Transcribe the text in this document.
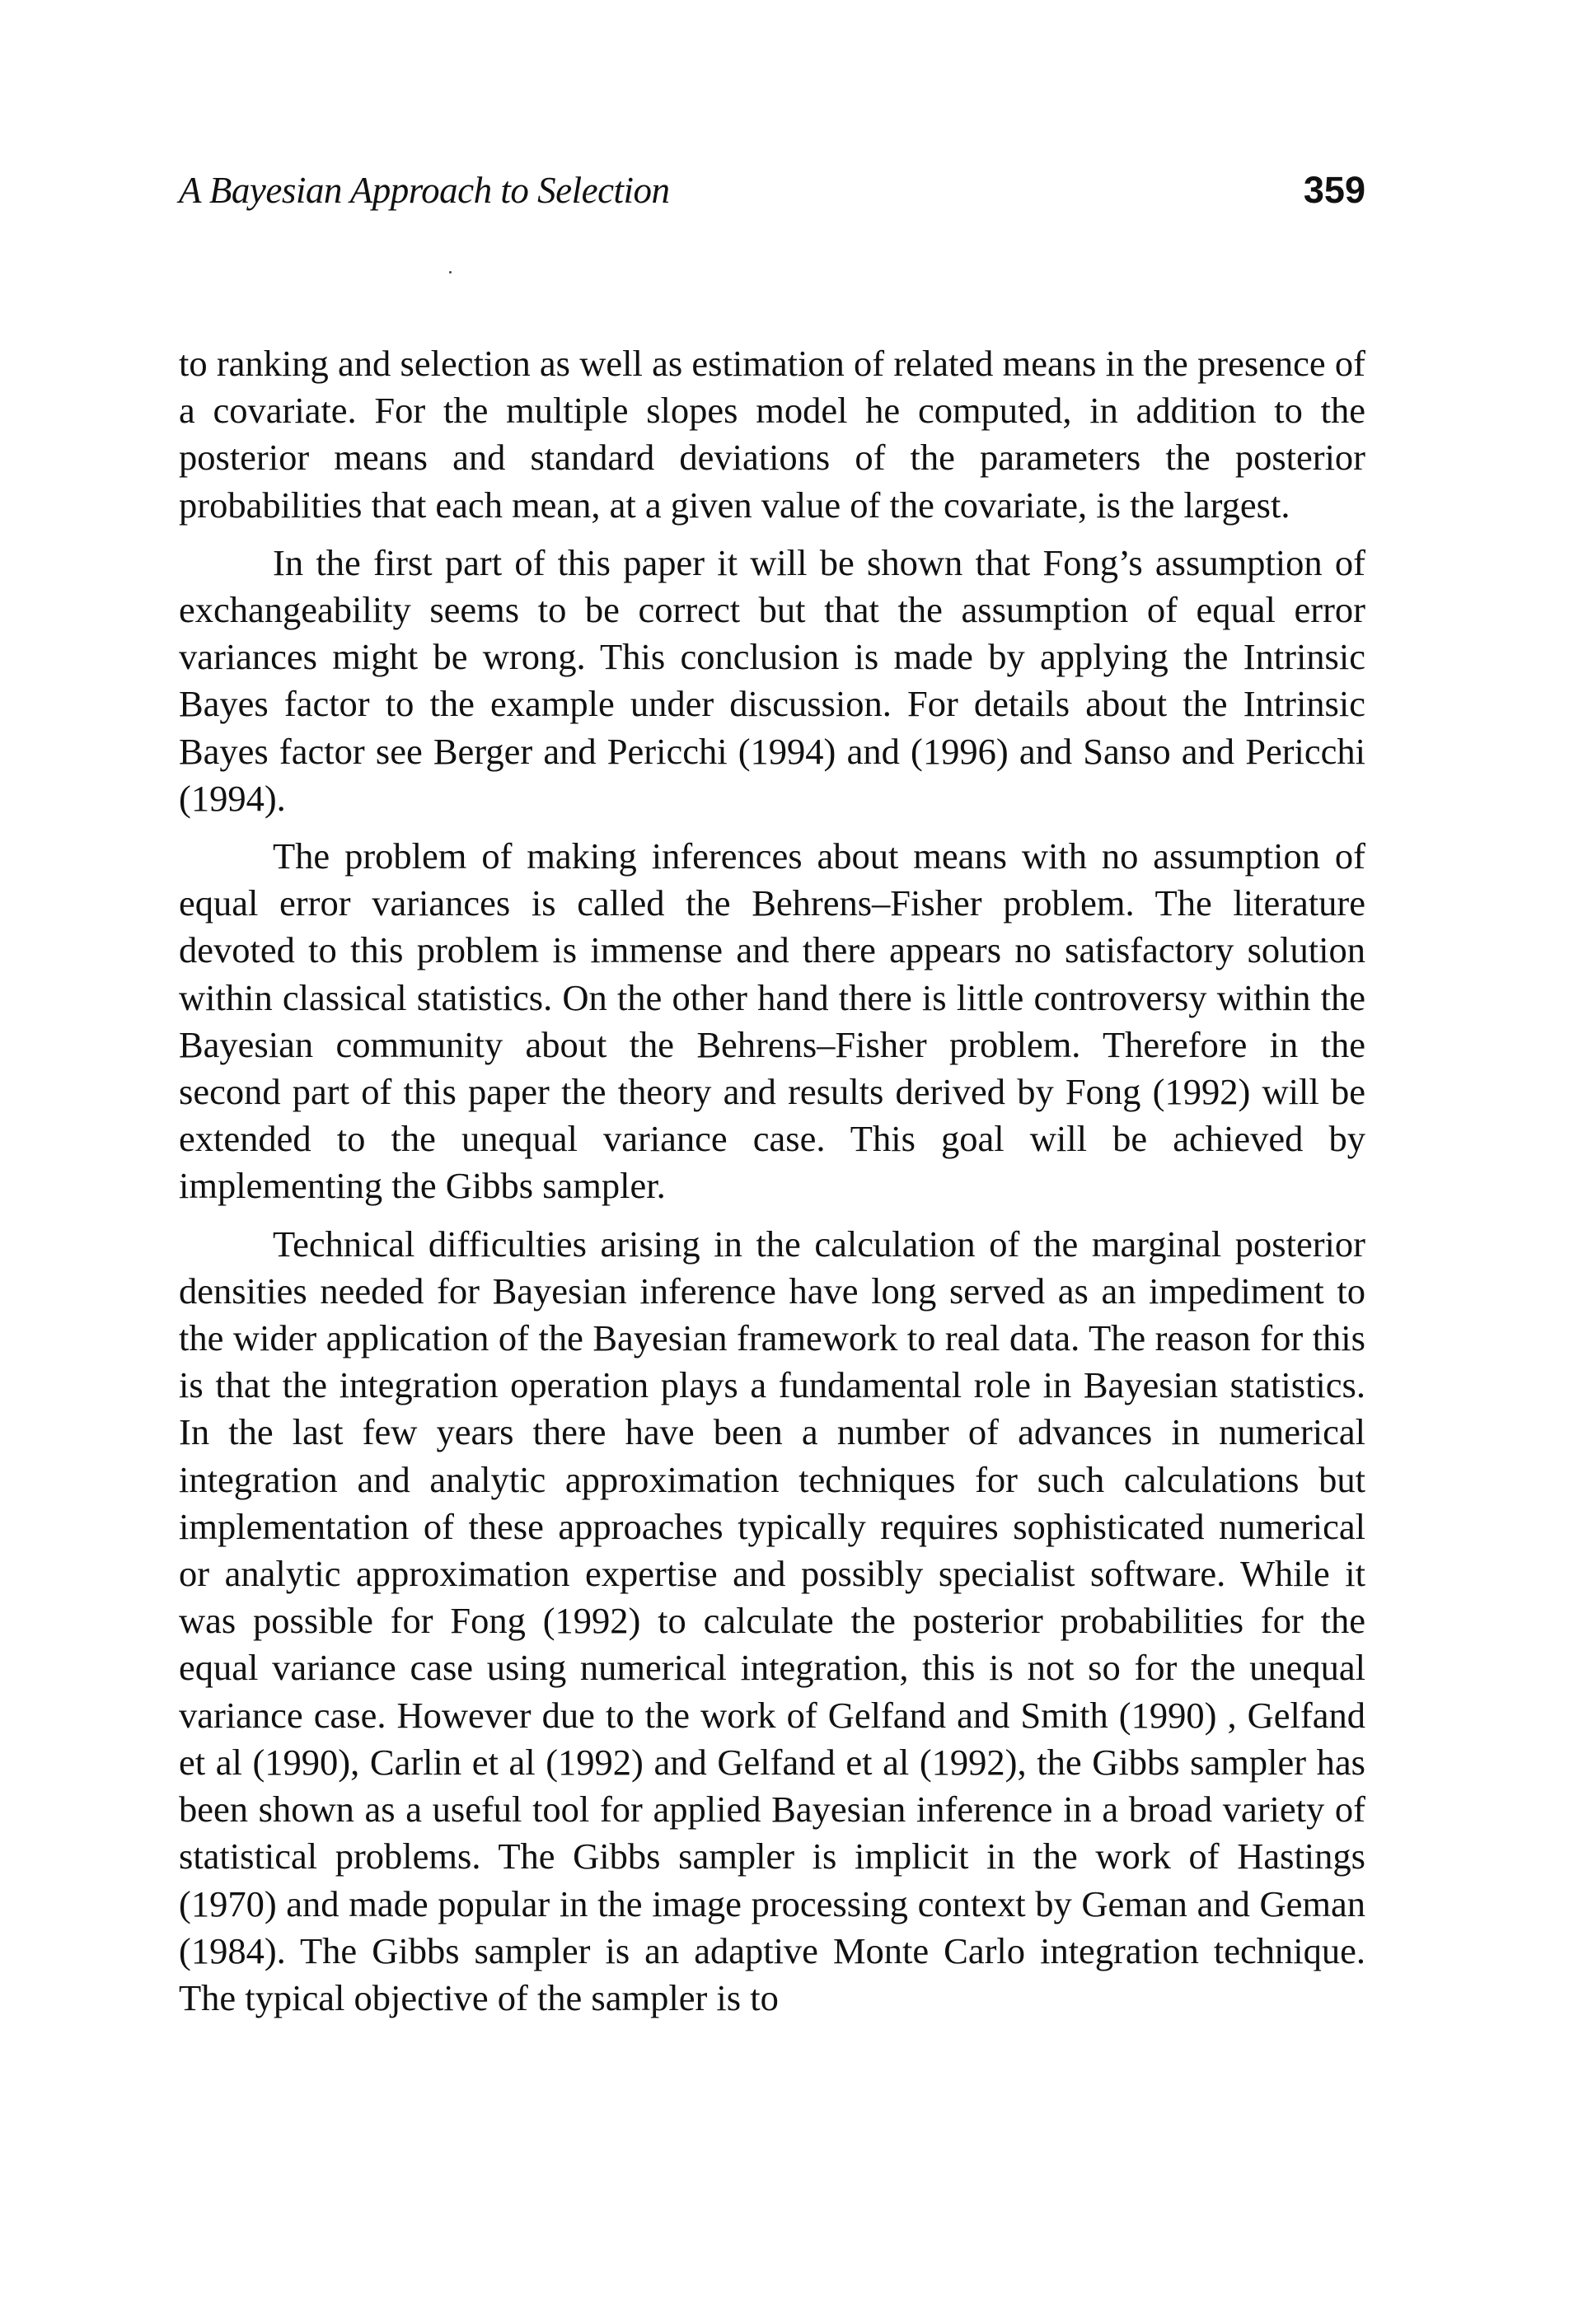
A Bayesian Approach to Selection	359

to ranking and selection as well as estimation of related means in the presence of a covariate. For the multiple slopes model he computed, in addition to the posterior means and standard deviations of the parameters the posterior probabilities that each mean, at a given value of the covariate, is the largest.

In the first part of this paper it will be shown that Fong’s assumption of exchangeability seems to be correct but that the assumption of equal error variances might be wrong. This conclusion is made by applying the Intrinsic Bayes factor to the example under discussion. For details about the Intrinsic Bayes factor see Berger and Pericchi (1994) and (1996) and Sanso and Pericchi (1994).

The problem of making inferences about means with no assumption of equal error variances is called the Behrens–Fisher problem. The literature devoted to this problem is immense and there appears no satisfactory solution within classical statistics. On the other hand there is little controversy within the Bayesian community about the Behrens–Fisher problem. Therefore in the second part of this paper the theory and results derived by Fong (1992) will be extended to the unequal variance case. This goal will be achieved by implementing the Gibbs sampler.

Technical difficulties arising in the calculation of the marginal posterior densities needed for Bayesian inference have long served as an impediment to the wider application of the Bayesian framework to real data. The reason for this is that the integration operation plays a fundamental role in Bayesian statistics. In the last few years there have been a number of advances in numerical integration and analytic approximation techniques for such calculations but implementation of these approaches typically requires sophisticated numerical or analytic approximation expertise and possibly specialist software. While it was possible for Fong (1992) to calculate the posterior probabilities for the equal variance case using numerical integration, this is not so for the unequal variance case. However due to the work of Gelfand and Smith (1990) , Gelfand et al (1990), Carlin et al (1992) and Gelfand et al (1992), the Gibbs sampler has been shown as a useful tool for applied Bayesian inference in a broad variety of statistical problems. The Gibbs sampler is implicit in the work of Hastings (1970) and made popular in the image processing context by Geman and Geman (1984). The Gibbs sampler is an adaptive Monte Carlo integration technique. The typical objective of the sampler is to
